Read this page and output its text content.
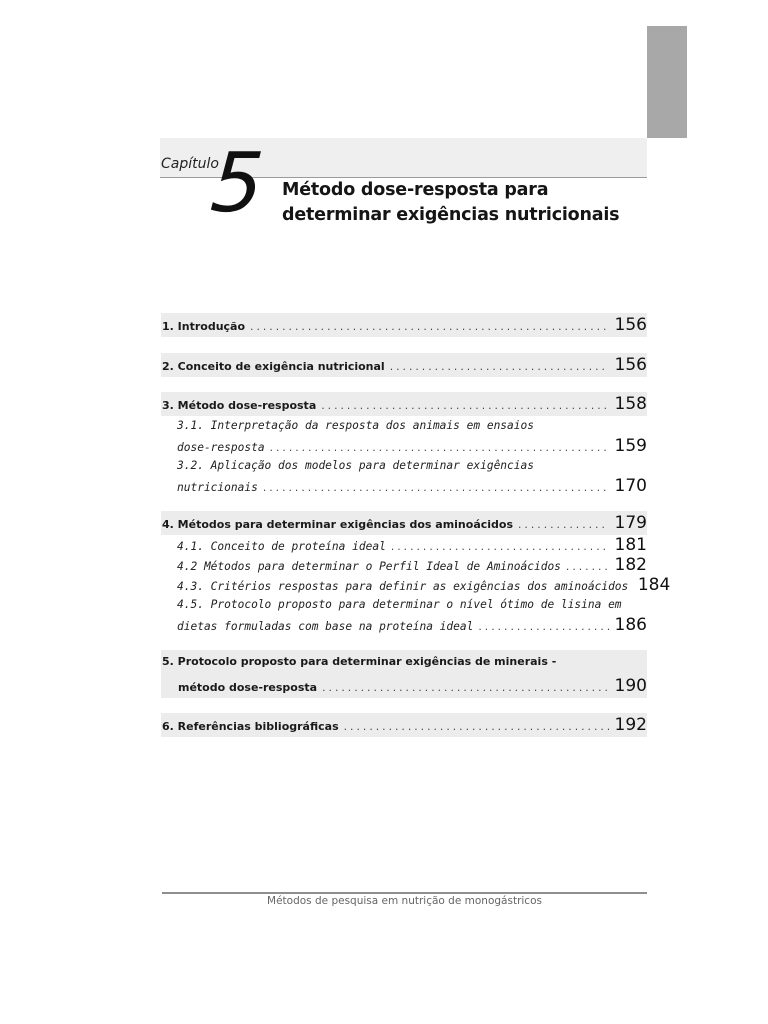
Capítulo
5 Método dose-resposta para
determinar exigências nutricionais
1. Introdução .....	156
2. Conceito de exigência nutricional .....	156
3. Método dose-resposta .....	158
3.1. Interpretação da resposta dos animais em ensaios
dose-resposta .....	159
3.2. Aplicação dos modelos para determinar exigências
nutricionais .....	170
4. Métodos para determinar exigências dos aminoácidos .....	179
4.1. Conceito de proteína ideal .....	181
4.2 Métodos para determinar o Perfil Ideal de Aminoácidos .....	182
4.3. Critérios respostas para definir as exigências dos aminoácidos 184
4.5. Protocolo proposto para determinar o nível ótimo de lisina em
dietas formuladas com base na proteína ideal .....	186
5. Protocolo proposto para determinar exigências de minerais -
método dose-resposta .....	190
6. Referências bibliográficas .....	192
Métodos de pesquisa em nutrição de monogástricos
